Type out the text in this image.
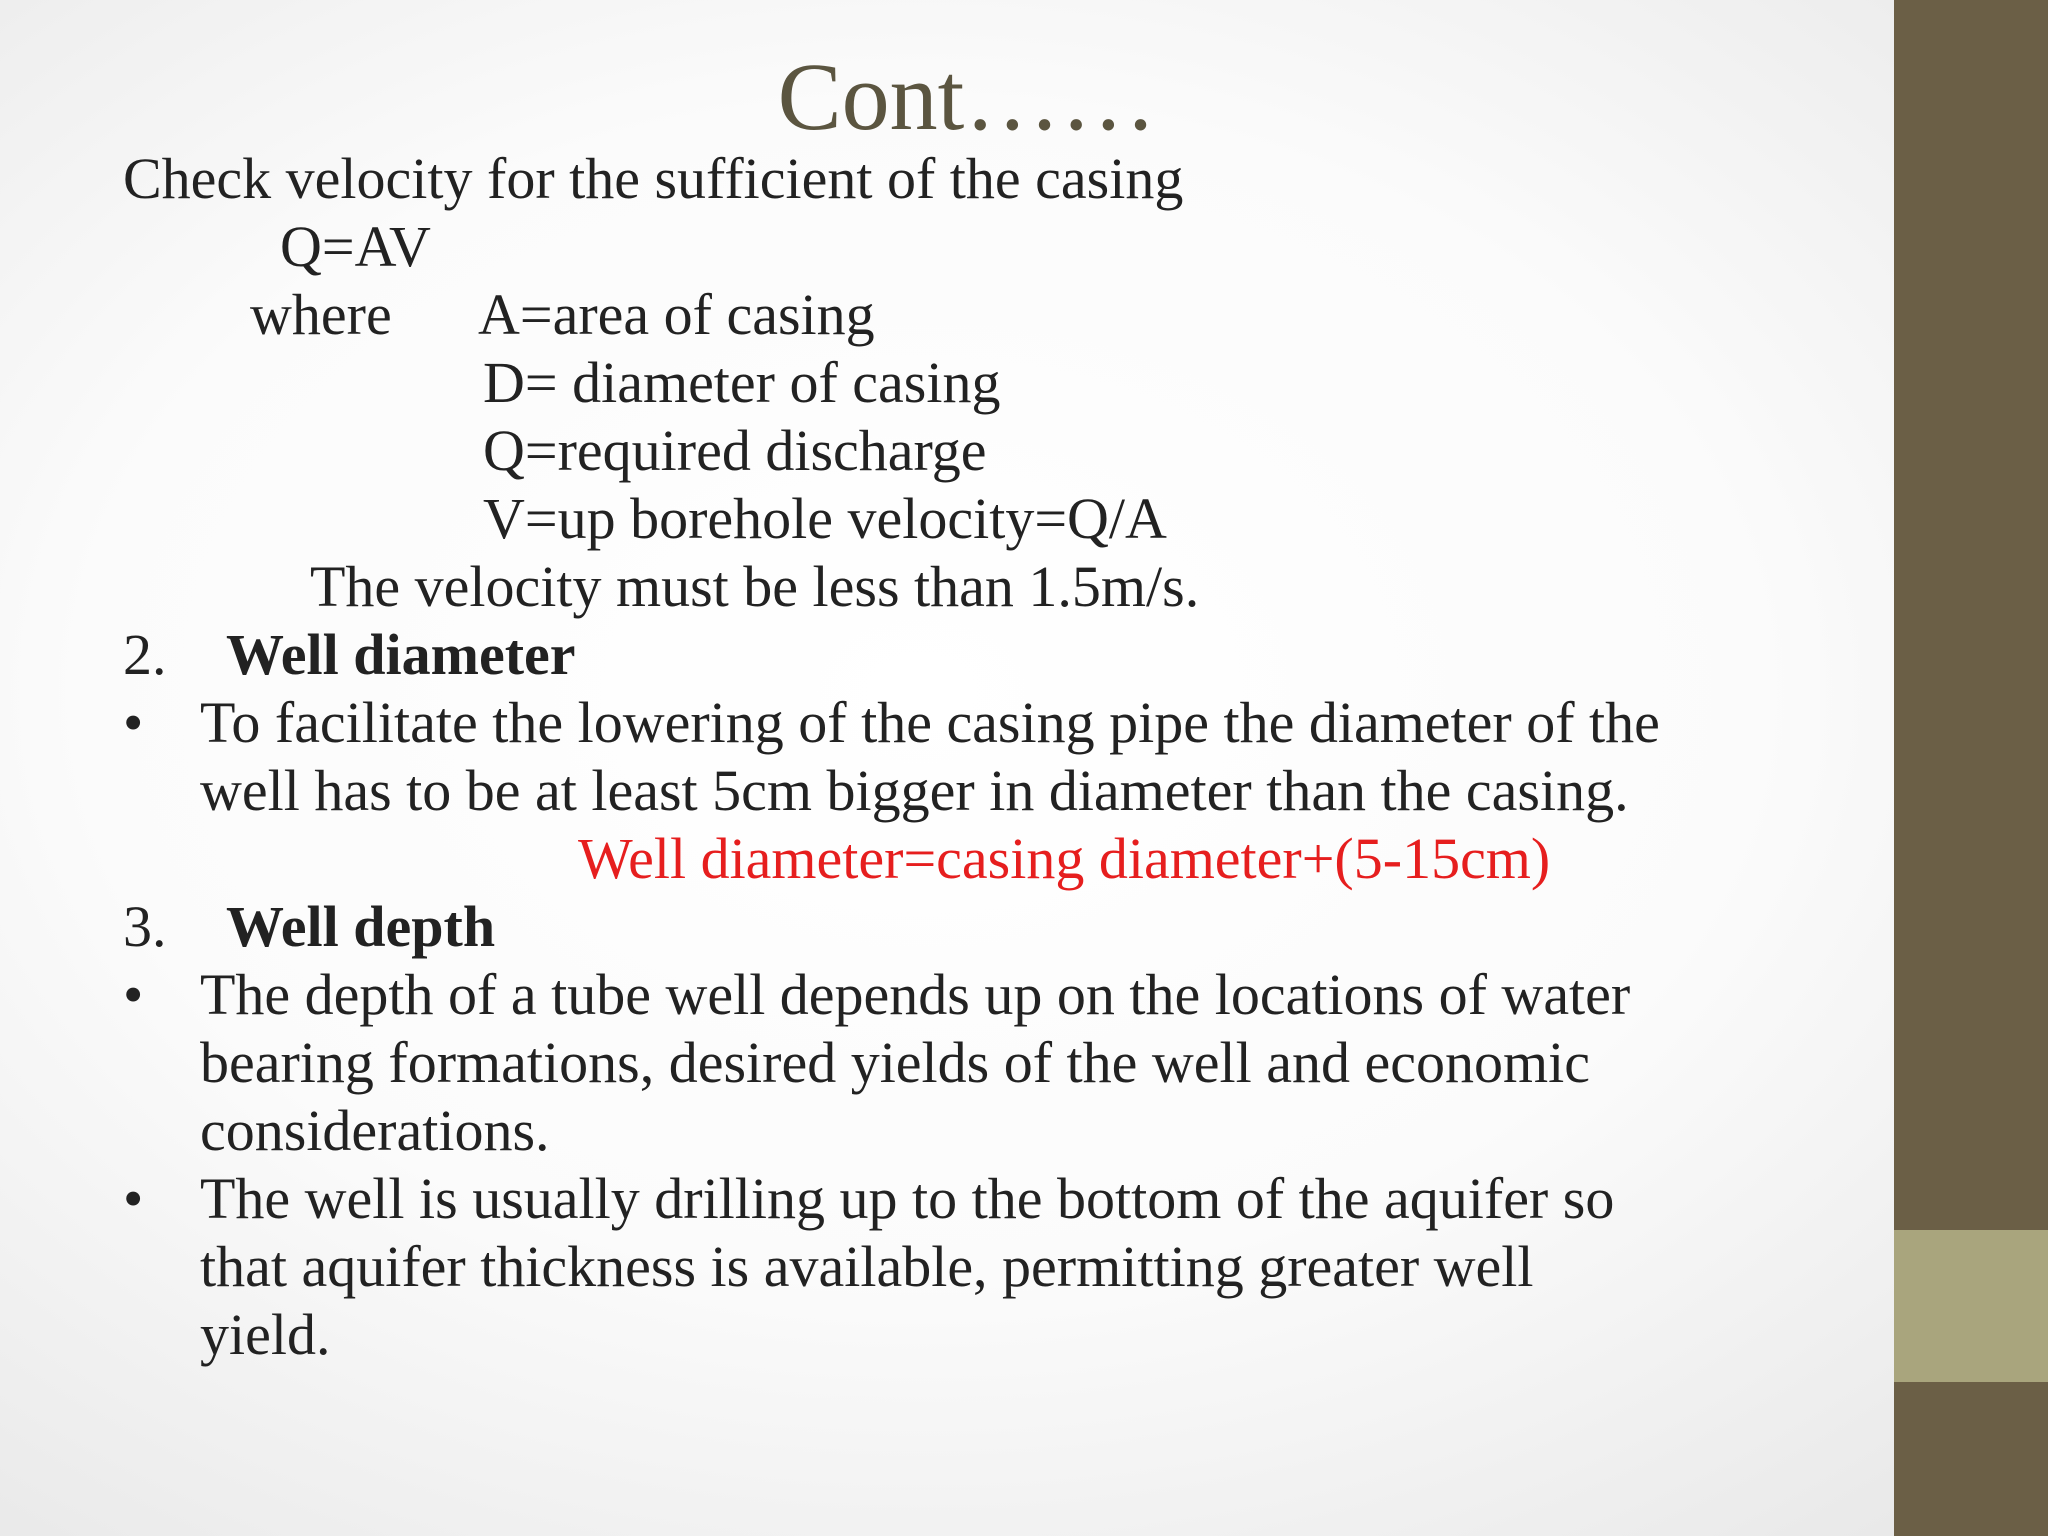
Cont……
Check velocity for the sufficient of the casing
Q=AV
where A=area of casing
D= diameter of casing
Q=required discharge
V=up borehole velocity=Q/A
The velocity must be less than 1.5m/s.
2. Well diameter
• To facilitate the lowering of the casing pipe the diameter of the
well has to be at least 5cm bigger in diameter than the casing.
Well diameter=casing diameter+(5-15cm)
3. Well depth
• The depth of a tube well depends up on the locations of water
bearing formations, desired yields of the well and economic
considerations.
• The well is usually drilling up to the bottom of the aquifer so
that aquifer thickness is available, permitting greater well
yield.
